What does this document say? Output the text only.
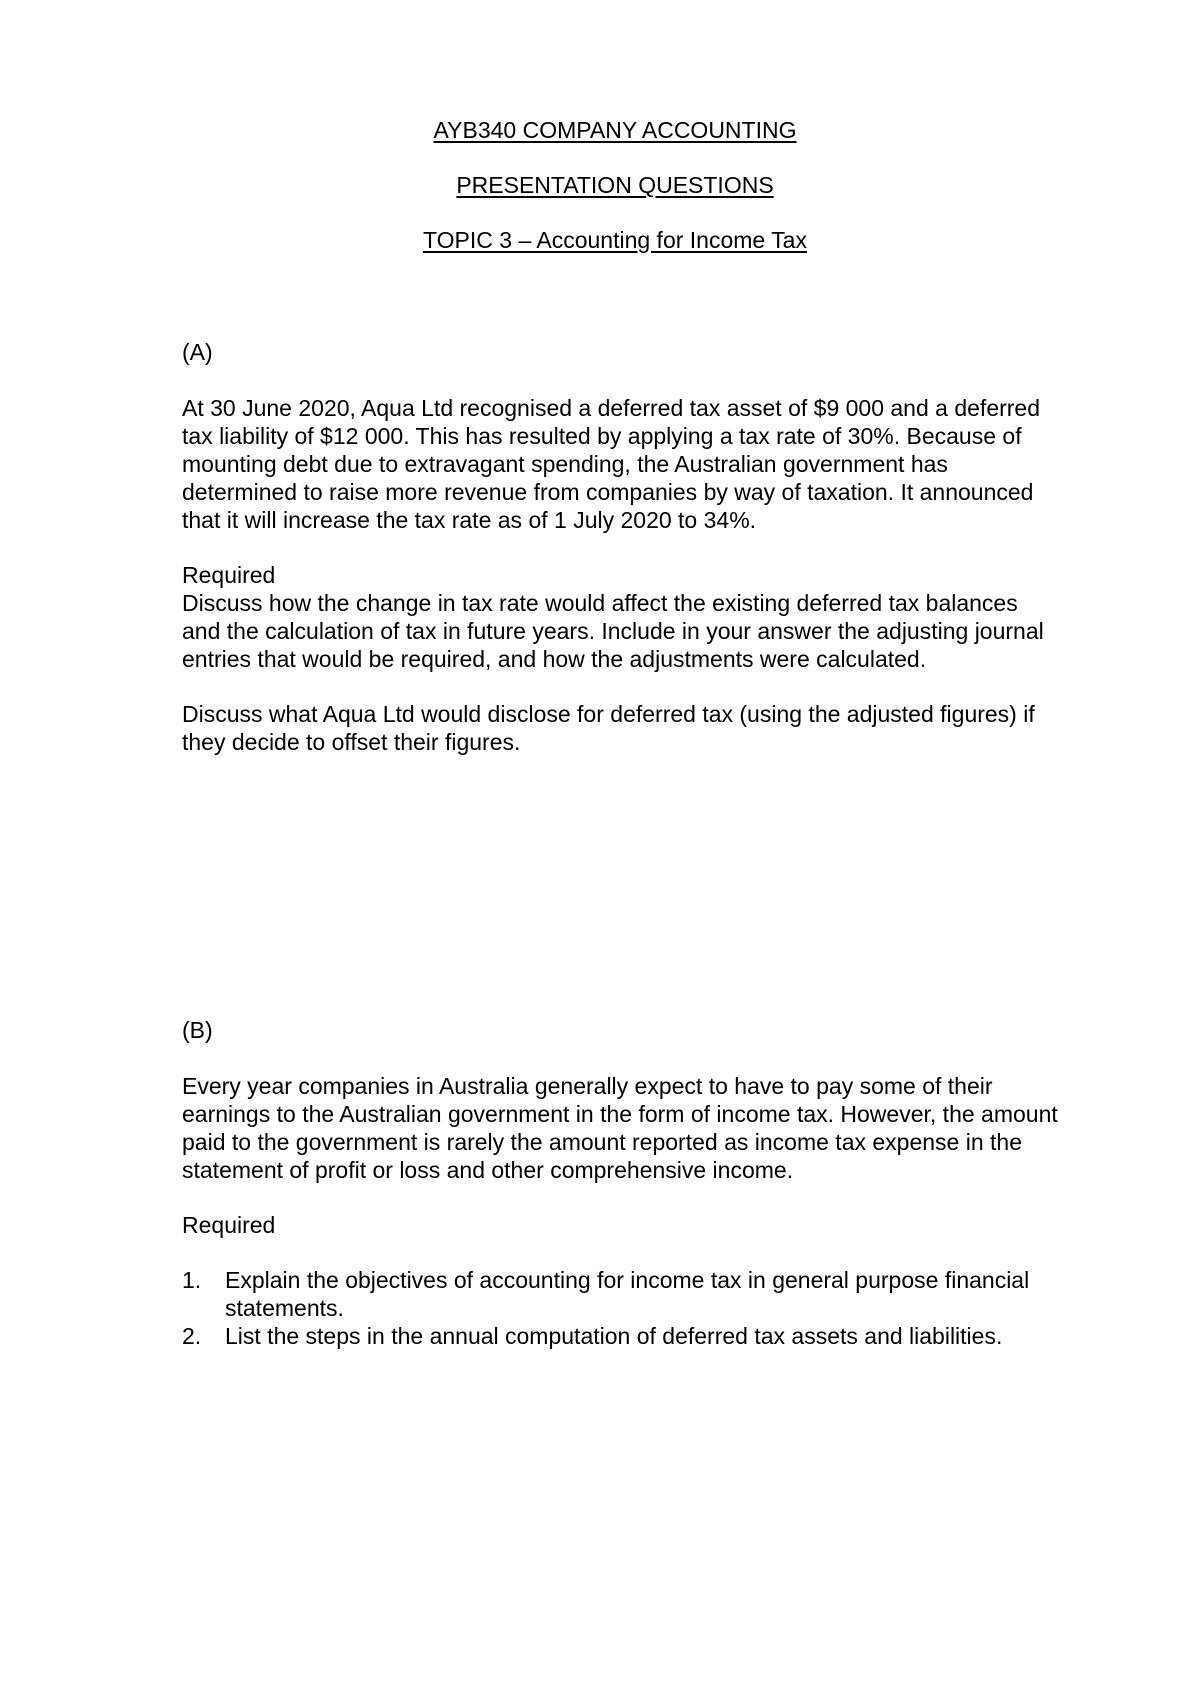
AYB340 COMPANY ACCOUNTING
PRESENTATION QUESTIONS
TOPIC 3 – Accounting for Income Tax
(A)

At 30 June 2020, Aqua Ltd recognised a deferred tax asset of $9 000 and a deferred tax liability of $12 000. This has resulted by applying a tax rate of 30%. Because of mounting debt due to extravagant spending, the Australian government has determined to raise more revenue from companies by way of taxation. It announced that it will increase the tax rate as of 1 July 2020 to 34%.

Required

Discuss how the change in tax rate would affect the existing deferred tax balances and the calculation of tax in future years. Include in your answer the adjusting journal entries that would be required, and how the adjustments were calculated.

Discuss what Aqua Ltd would disclose for deferred tax (using the adjusted figures) if they decide to offset their figures.

(B)

Every year companies in Australia generally expect to have to pay some of their earnings to the Australian government in the form of income tax. However, the amount paid to the government is rarely the amount reported as income tax expense in the statement of profit or loss and other comprehensive income.

Required

1. Explain the objectives of accounting for income tax in general purpose financial statements.
2. List the steps in the annual computation of deferred tax assets and liabilities.
